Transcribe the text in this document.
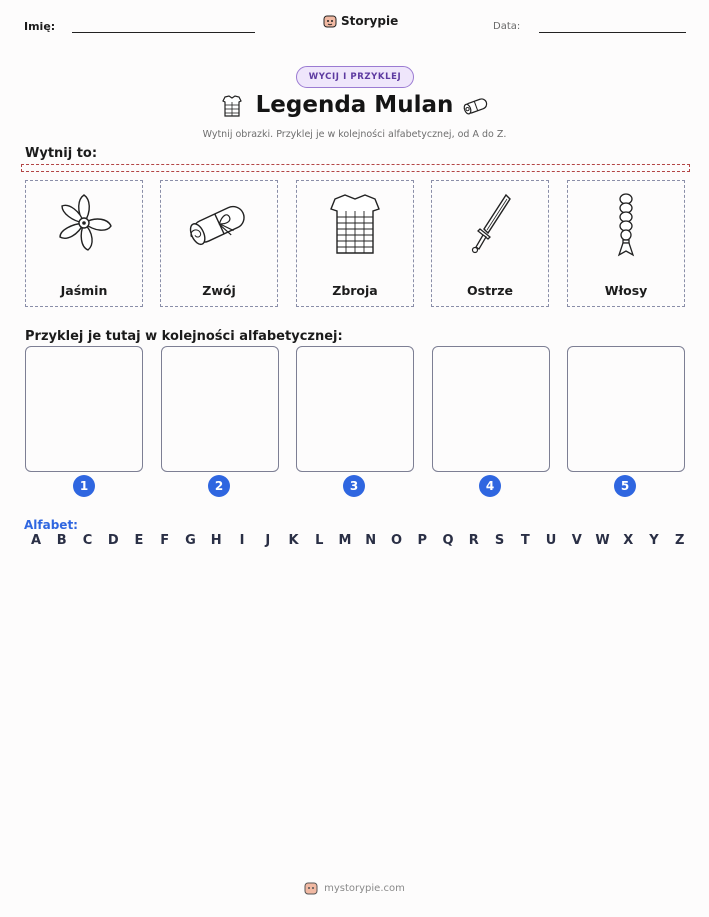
Imię:	Storypie	Data:
WYCIJ I PRZYKLEJ
Legenda Mulan
Wytnij obrazki. Przyklej je w kolejności alfabetycznej, od A do Z.
Wytnij to:
Jaśmin	Zwój	Zbroja	Ostrze	Włosy
Przyklej je tutaj w kolejności alfabetycznej:
1	2	3	4	5
Alfabet:
A B C D E F G H	I	J	K L M N O P Q R S T U V W X Y Z
mystorypie.com
